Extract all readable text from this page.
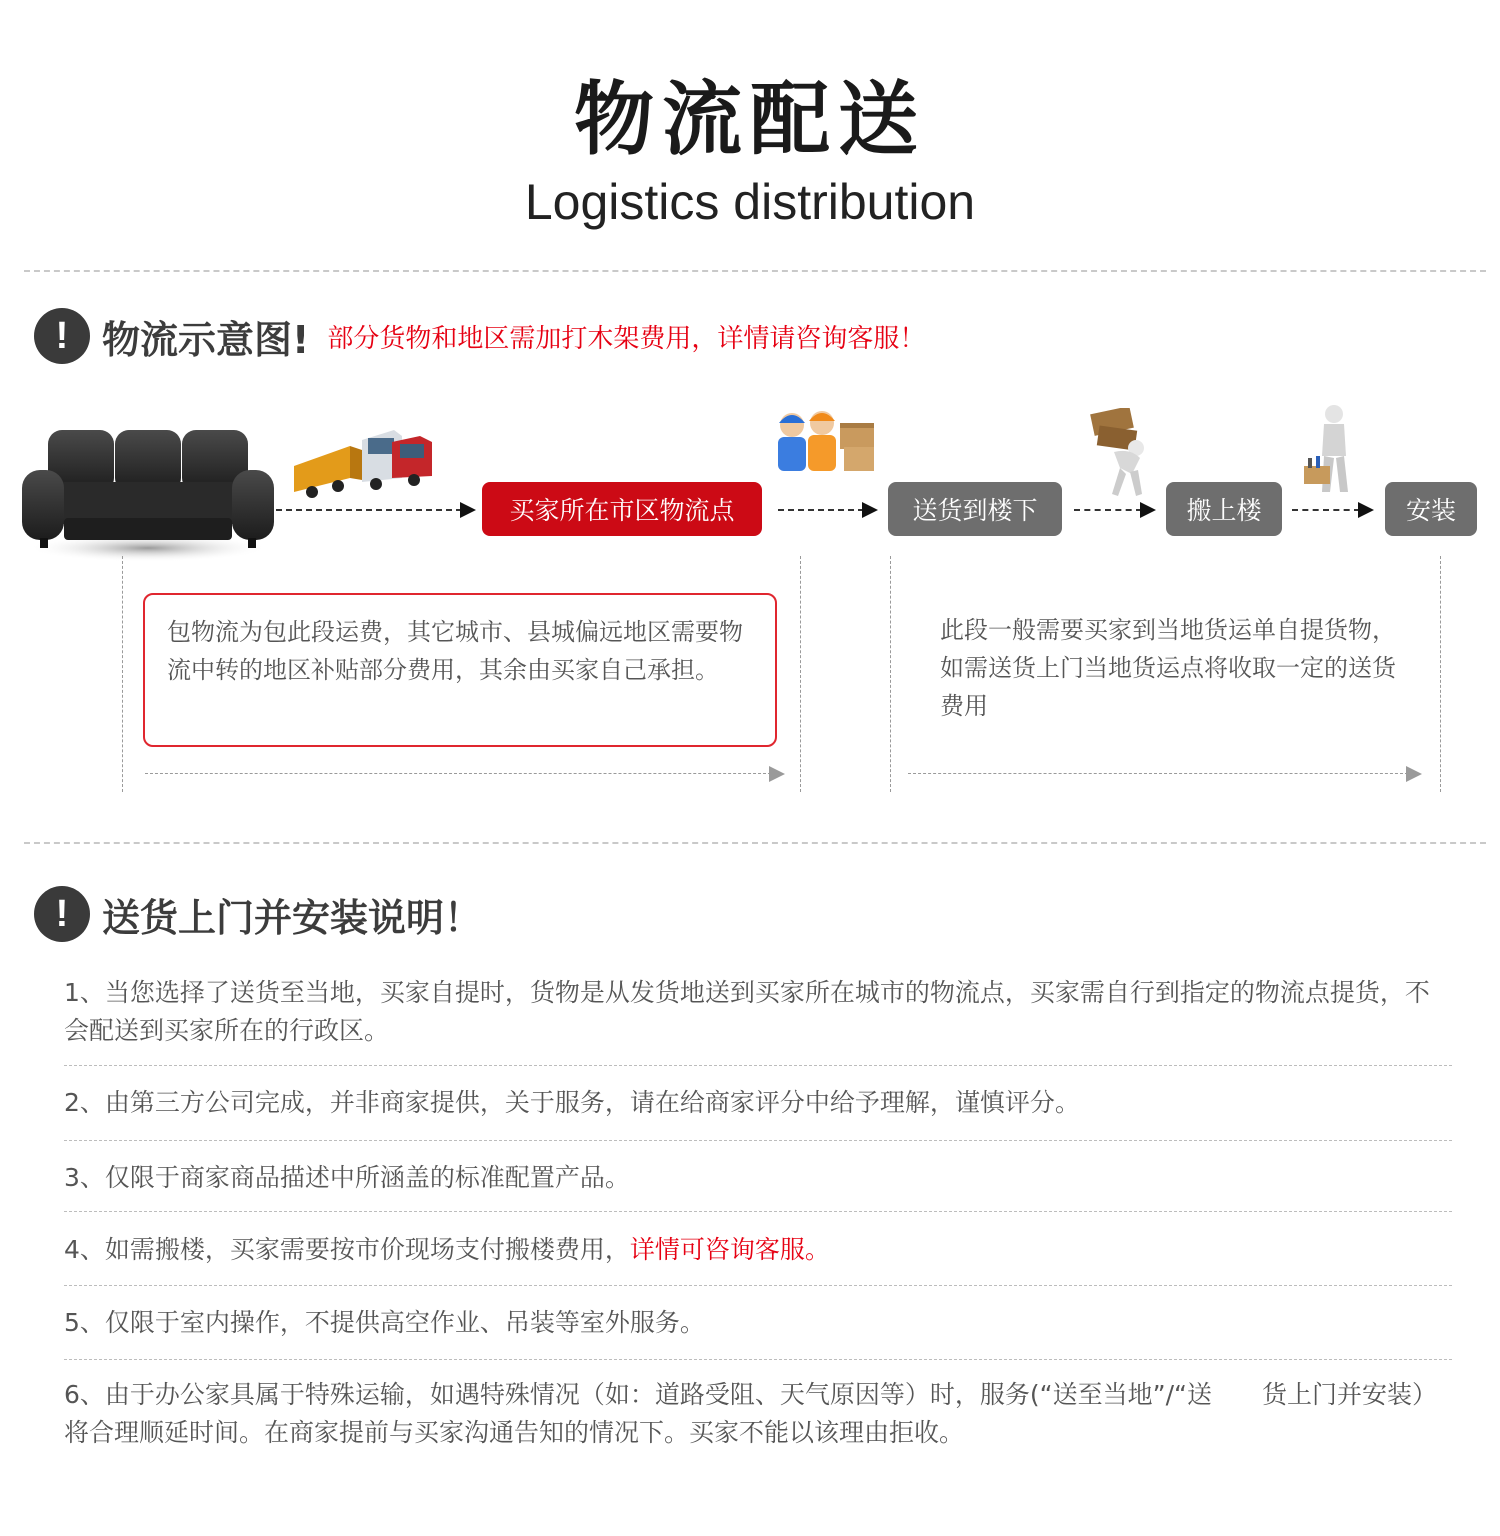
物流配送
Logistics distribution
! 物流示意图! 部分货物和地区需加打木架费用，详情请咨询客服！
买家所在市区物流点	送货到楼下	搬上楼	安装
包物流为包此段运费，其它城市、县城偏远地区需要物流中转的地区补贴部分费用，其余由买家自己承担。
此段一般需要买家到当地货运单自提货物，如需送货上门当地货运点将收取一定的送货费用
! 送货上门并安装说明！
1、当您选择了送货至当地，买家自提时，货物是从发货地送到买家所在城市的物流点，买家需自行到指定的物流点提货，不会配送到买家所在的行政区。
2、由第三方公司完成，并非商家提供，关于服务，请在给商家评分中给予理解，谨慎评分。
3、仅限于商家商品描述中所涵盖的标准配置产品。
4、如需搬楼，买家需要按市价现场支付搬楼费用，详情可咨询客服。
5、仅限于室内操作，不提供高空作业、吊装等室外服务。
6、由于办公家具属于特殊运输，如遇特殊情况（如：道路受阻、天气原因等）时，服务(“送至当地”/“送　　货上门并安装）将合理顺延时间。在商家提前与买家沟通告知的情况下。买家不能以该理由拒收。
